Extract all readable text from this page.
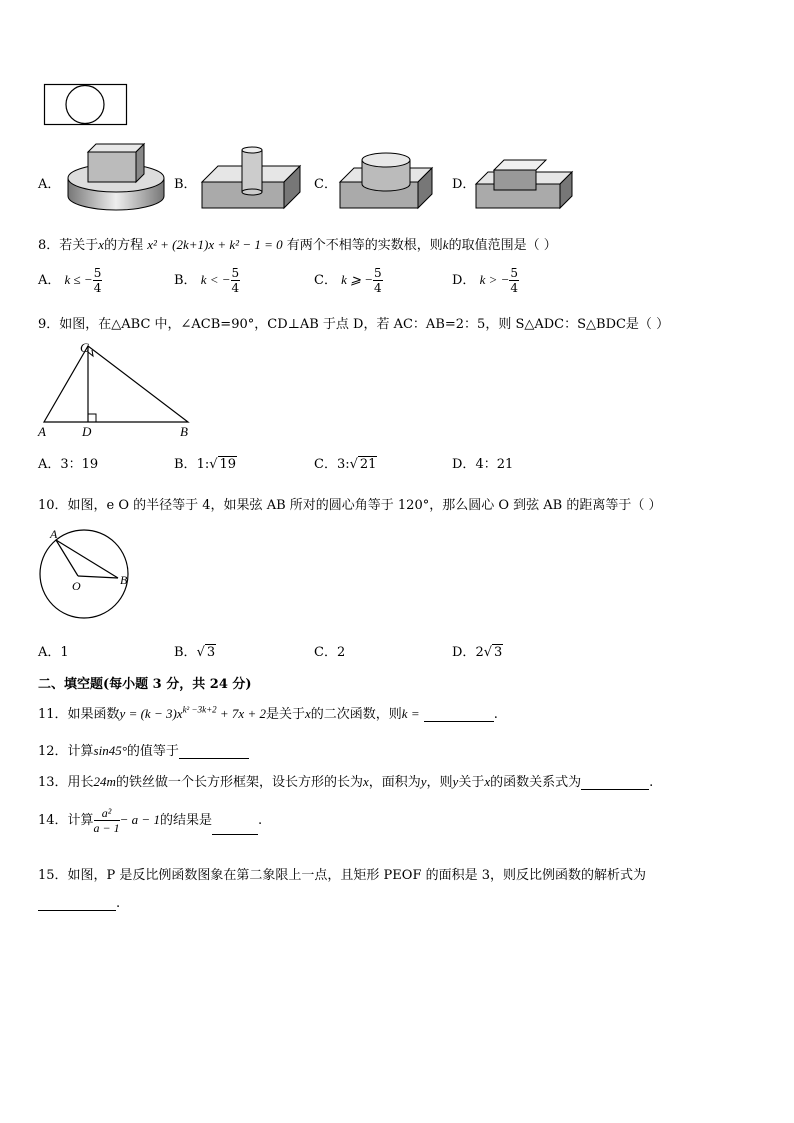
A．	B．	C．	D．
8．若关于x的方程 x² + (2k+1)x + k² − 1 = 0 有两个不相等的实数根，则k的取值范围是（ ）
A． k ≤ − $\frac{5}{4}$	B． k < − $\frac{5}{4}$	C． k ⩾ − $\frac{5}{4}$	D． k > − $\frac{5}{4}$
9．如图，在△ABC 中，∠ACB=90°，CD⊥AB 于点 D，若 AC：AB=2：5，则 S△ADC：S△BDC是（ ）
A
C
D	B
A．3：19	B．1:√ 19	C．3:√ 21	D．4：21
10．如图，e O 的半径等于 4，如果弦 AB 所对的圆心角等于 120°，那么圆心 O 到弦 AB 的距离等于（ ）
A
B
O
A．1	B．√ 3	C．2	D．2√ 3
二、填空题(每小题 3 分，共 24 分)
11．如果函数$y = (k - 3)x^{k^2 -3k+2} + 7x + 2$是关于x的二次函数，则k =	.
12．计算sin45°的值等于
13．用长24m的铁丝做一个长方形框架，设长方形的长为x，面积为y，则y关于x的函数关系式为	.
14．计算 $\frac{\text{a²}}{a - 1} - a - 1$的结果是	.
15．如图，P 是反比例函数图象在第二象限上一点，且矩形 PEOF 的面积是 3，则反比例函数的解析式为
.
